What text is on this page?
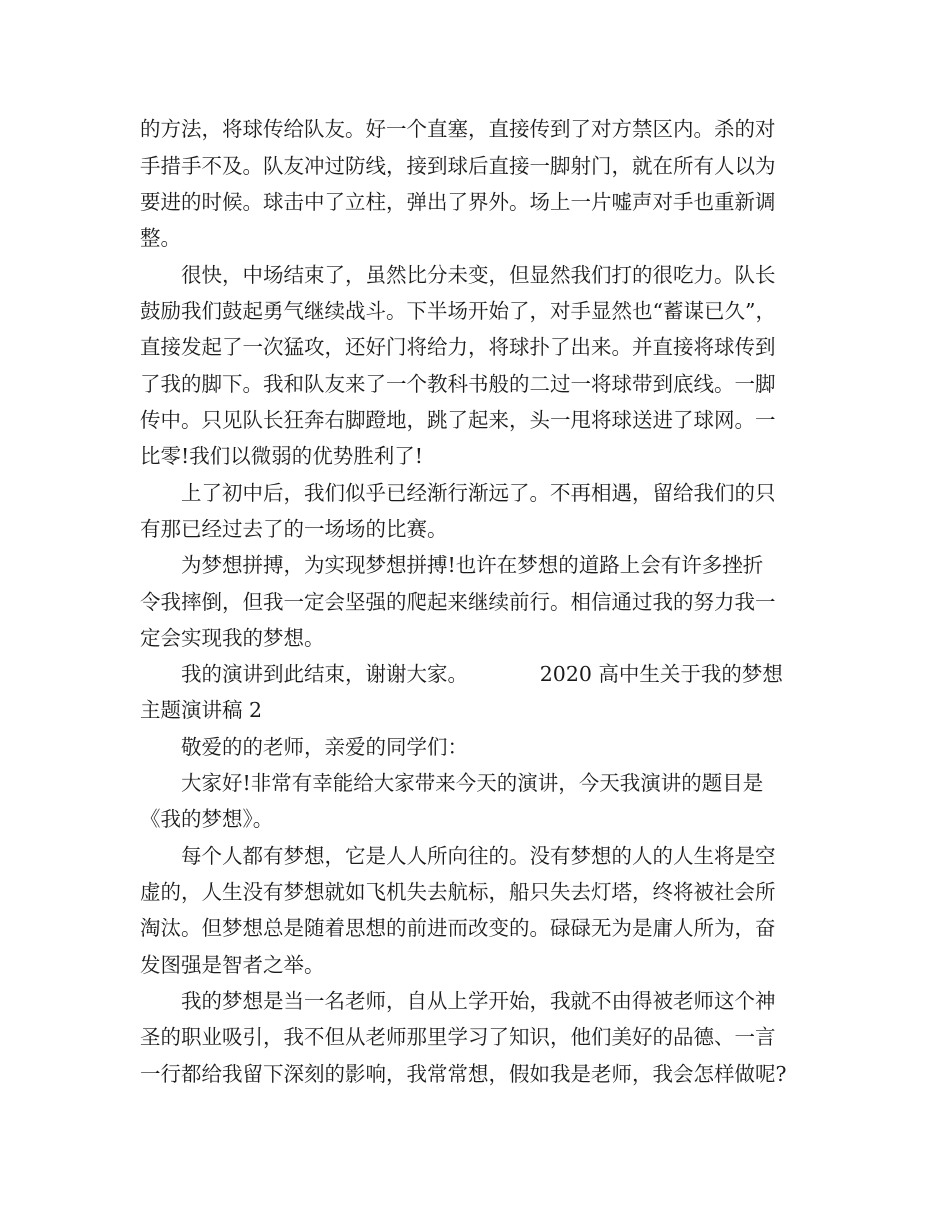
的方法，将球传给队友。好一个直塞，直接传到了对方禁区内。杀的对
手措手不及。队友冲过防线，接到球后直接一脚射门，就在所有人以为
要进的时候。球击中了立柱，弹出了界外。场上一片嘘声对手也重新调
整。
　　很快，中场结束了，虽然比分未变，但显然我们打的很吃力。队长
鼓励我们鼓起勇气继续战斗。下半场开始了，对手显然也“蓄谋已久”，
直接发起了一次猛攻，还好门将给力，将球扑了出来。并直接将球传到
了我的脚下。我和队友来了一个教科书般的二过一将球带到底线。一脚
传中。只见队长狂奔右脚蹬地，跳了起来，头一甩将球送进了球网。一
比零!我们以微弱的优势胜利了!
　　上了初中后，我们似乎已经渐行渐远了。不再相遇，留给我们的只
有那已经过去了的一场场的比赛。
　　为梦想拼搏，为实现梦想拼搏!也许在梦想的道路上会有许多挫折
令我摔倒，但我一定会坚强的爬起来继续前行。相信通过我的努力我一
定会实现我的梦想。
　　我的演讲到此结束，谢谢大家。　　　　2020 高中生关于我的梦想
主题演讲稿 2
　　敬爱的的老师，亲爱的同学们：
　　大家好!非常有幸能给大家带来今天的演讲，今天我演讲的题目是
《我的梦想》。
　　每个人都有梦想，它是人人所向往的。没有梦想的人的人生将是空
虚的，人生没有梦想就如飞机失去航标，船只失去灯塔，终将被社会所
淘汰。但梦想总是随着思想的前进而改变的。碌碌无为是庸人所为，奋
发图强是智者之举。
　　我的梦想是当一名老师，自从上学开始，我就不由得被老师这个神
圣的职业吸引，我不但从老师那里学习了知识，他们美好的品德、一言
一行都给我留下深刻的影响，我常常想，假如我是老师，我会怎样做呢?
